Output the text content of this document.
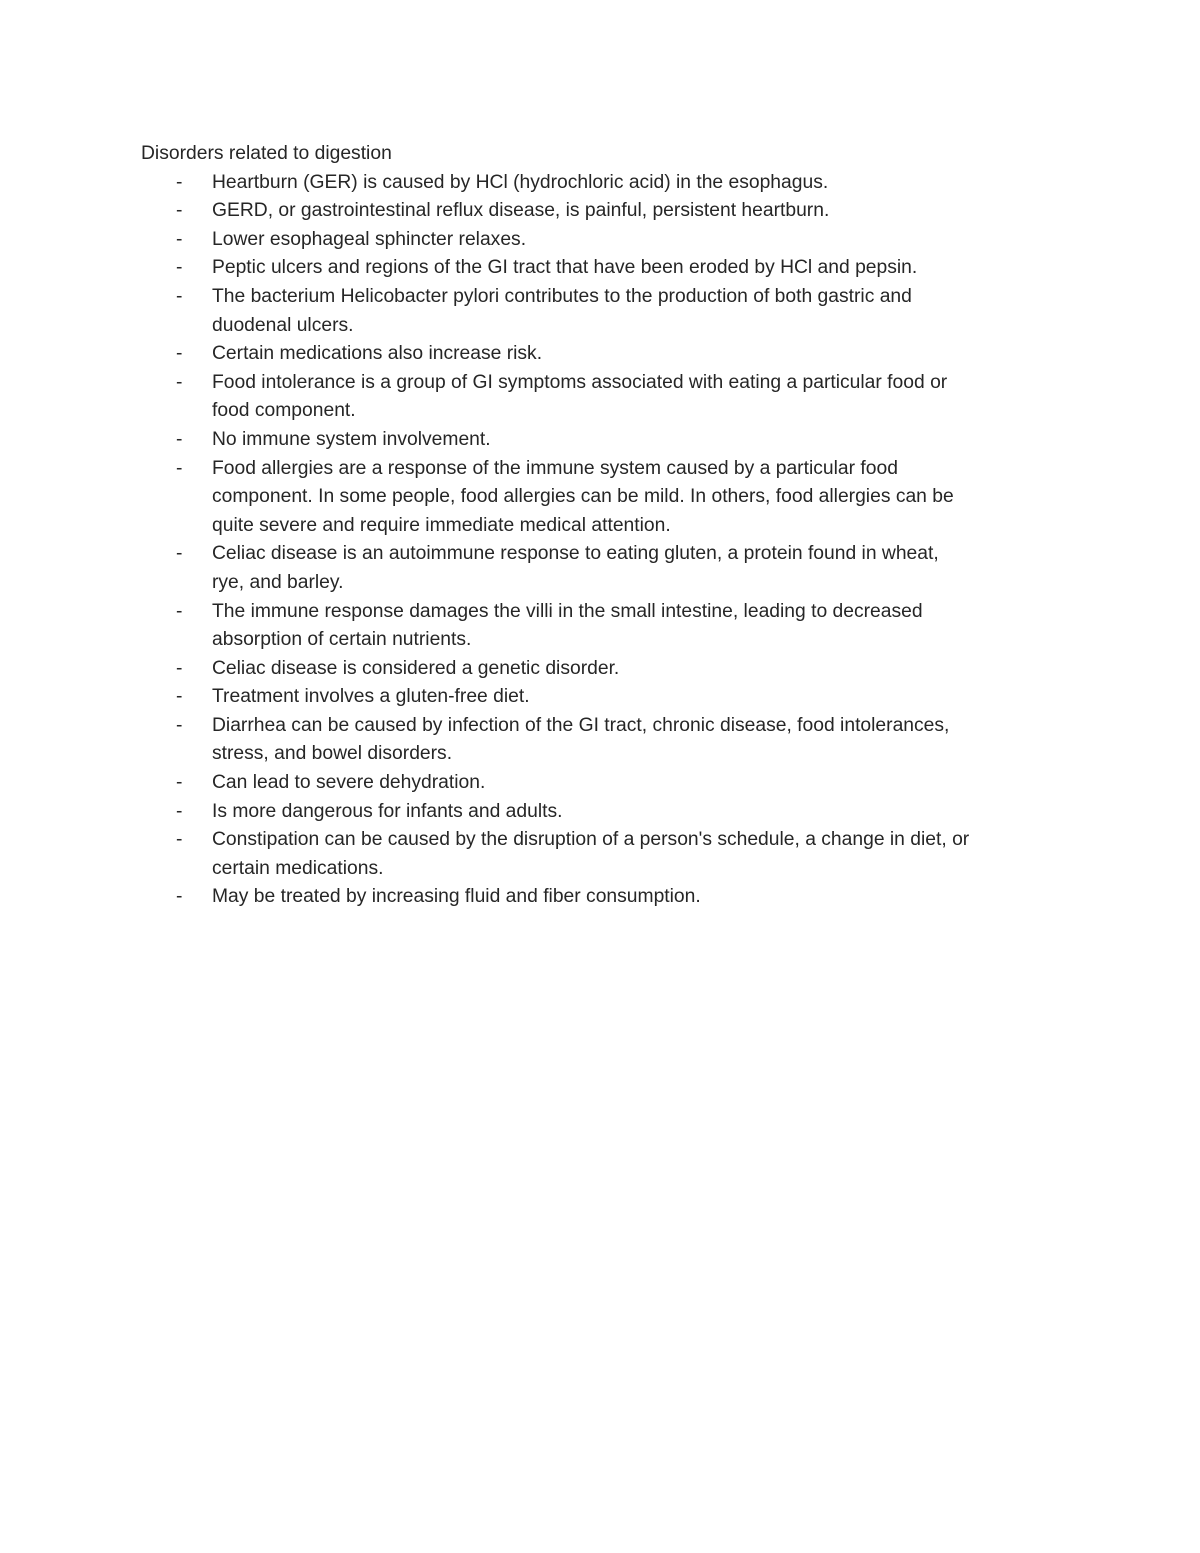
Disorders related to digestion
- Heartburn (GER) is caused by HCl (hydrochloric acid) in the esophagus.
- GERD, or gastrointestinal reflux disease, is painful, persistent heartburn.
- Lower esophageal sphincter relaxes.
- Peptic ulcers and regions of the GI tract that have been eroded by HCl and pepsin.
- The bacterium Helicobacter pylori contributes to the production of both gastric and
duodenal ulcers.
- Certain medications also increase risk.
- Food intolerance is a group of GI symptoms associated with eating a particular food or
food component.
- No immune system involvement.
- Food allergies are a response of the immune system caused by a particular food
component. In some people, food allergies can be mild. In others, food allergies can be
quite severe and require immediate medical attention.
- Celiac disease is an autoimmune response to eating gluten, a protein found in wheat,
rye, and barley.
- The immune response damages the villi in the small intestine, leading to decreased
absorption of certain nutrients.
- Celiac disease is considered a genetic disorder.
- Treatment involves a gluten-free diet.
- Diarrhea can be caused by infection of the GI tract, chronic disease, food intolerances,
stress, and bowel disorders.
- Can lead to severe dehydration.
- Is more dangerous for infants and adults.
- Constipation can be caused by the disruption of a person's schedule, a change in diet, or
certain medications.
- May be treated by increasing fluid and fiber consumption.
